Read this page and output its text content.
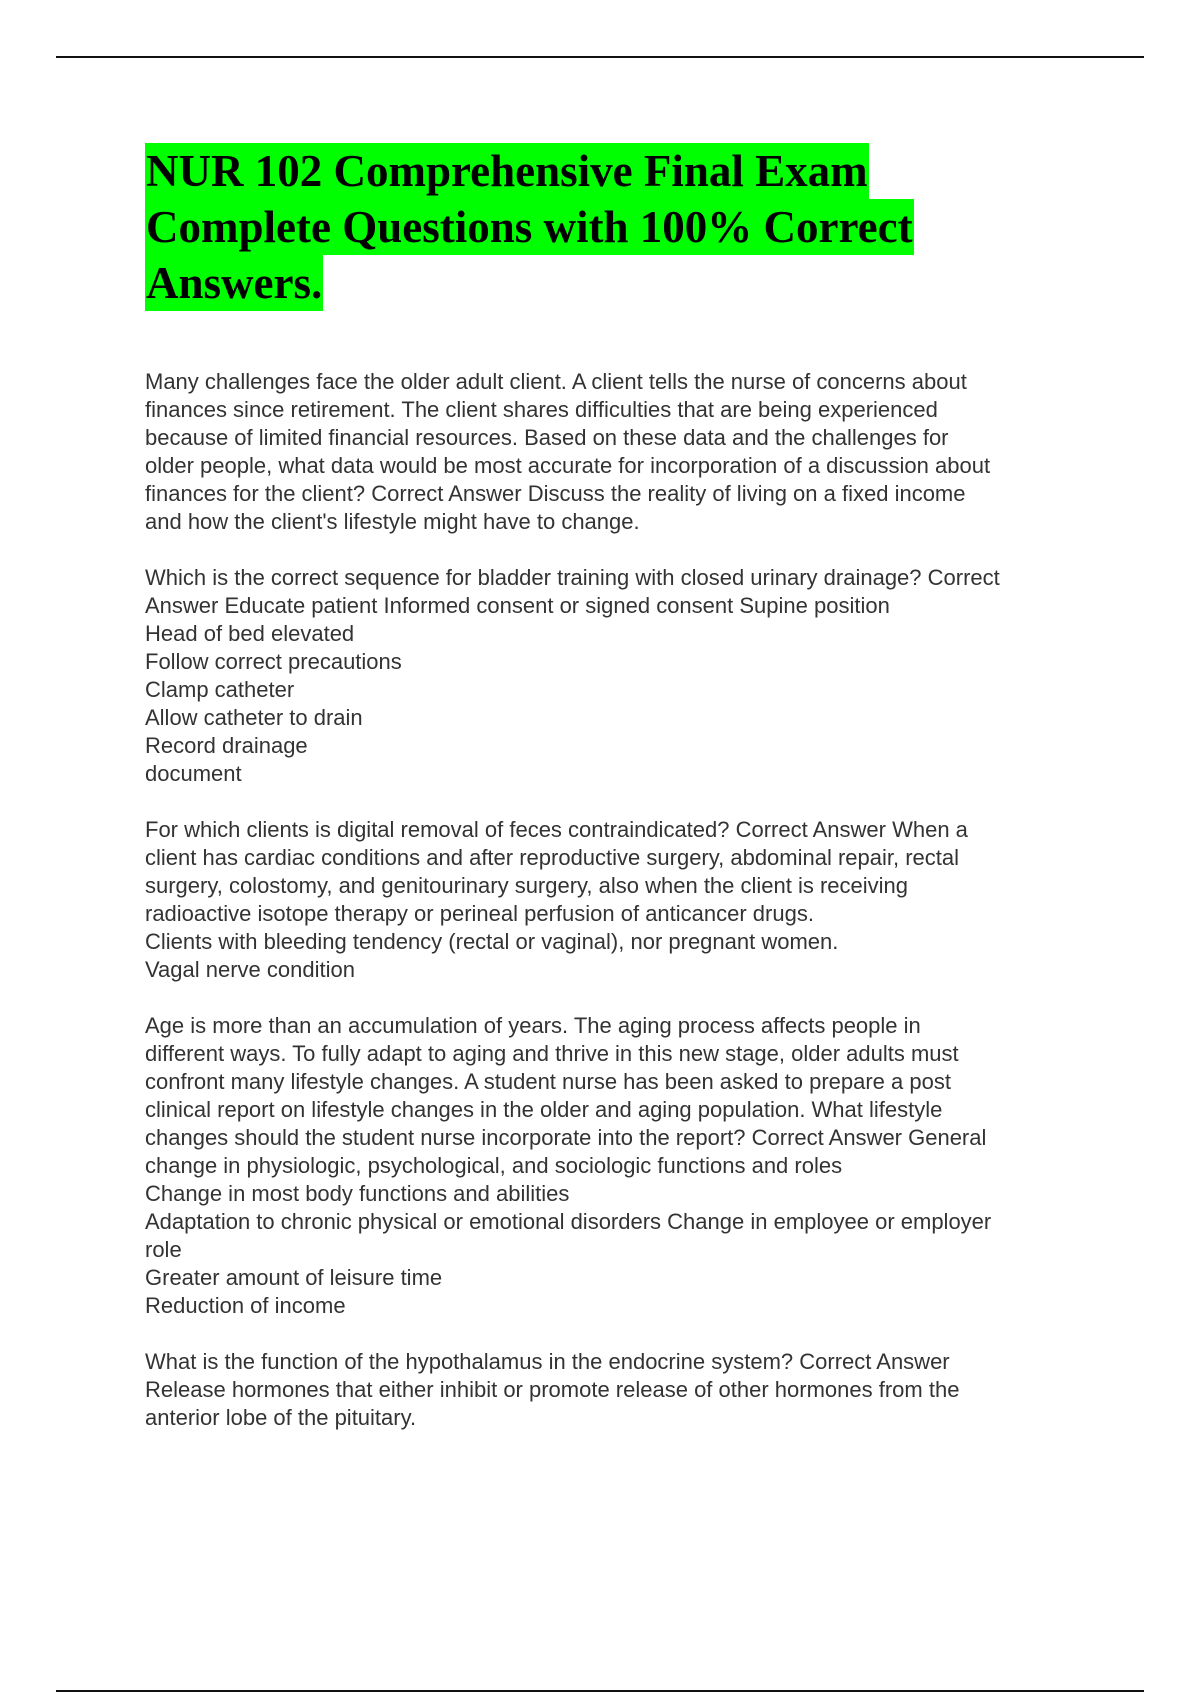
NUR 102 Comprehensive Final Exam
Complete Questions with 100% Correct
Answers.

Many challenges face the older adult client. A client tells the nurse of concerns about
finances since retirement. The client shares difficulties that are being experienced
because of limited financial resources. Based on these data and the challenges for
older people, what data would be most accurate for incorporation of a discussion about
finances for the client? Correct Answer Discuss the reality of living on a fixed income
and how the client's lifestyle might have to change.

Which is the correct sequence for bladder training with closed urinary drainage? Correct
Answer Educate patient Informed consent or signed consent Supine position
Head of bed elevated
Follow correct precautions
Clamp catheter
Allow catheter to drain
Record drainage
document

For which clients is digital removal of feces contraindicated? Correct Answer When a
client has cardiac conditions and after reproductive surgery, abdominal repair, rectal
surgery, colostomy, and genitourinary surgery, also when the client is receiving
radioactive isotope therapy or perineal perfusion of anticancer drugs.
Clients with bleeding tendency (rectal or vaginal), nor pregnant women.
Vagal nerve condition

Age is more than an accumulation of years. The aging process affects people in
different ways. To fully adapt to aging and thrive in this new stage, older adults must
confront many lifestyle changes. A student nurse has been asked to prepare a post
clinical report on lifestyle changes in the older and aging population. What lifestyle
changes should the student nurse incorporate into the report? Correct Answer General
change in physiologic, psychological, and sociologic functions and roles
Change in most body functions and abilities
Adaptation to chronic physical or emotional disorders Change in employee or employer
role
Greater amount of leisure time
Reduction of income

What is the function of the hypothalamus in the endocrine system? Correct Answer
Release hormones that either inhibit or promote release of other hormones from the
anterior lobe of the pituitary.
